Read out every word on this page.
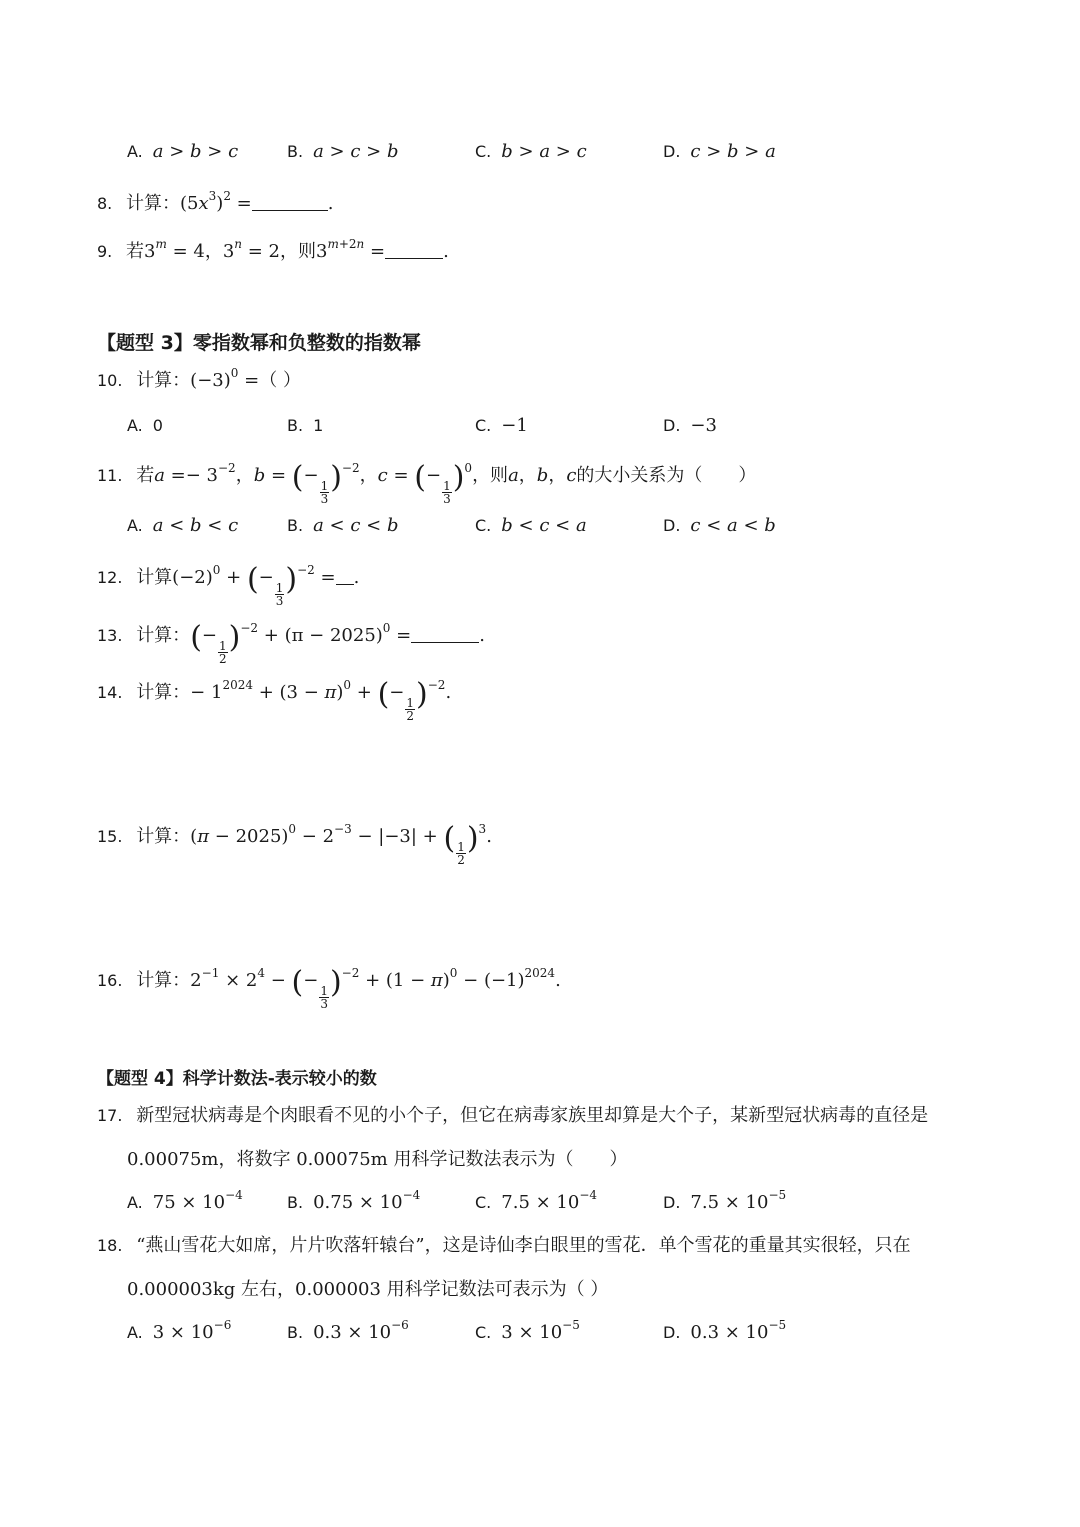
A. a > b > c	B. a > c > b	C. b > a > c	D. c > b > a
8. 计算：$(5x^3)^2$ =	.
9. 若$3^m = 4$，$3^n = 2$，则$3^{m+2n}$ =	.
【题型 3】零指数幂和负整数的指数幂
10. 计算：$(-3)^0$ =（ ）
A. 0	B. 1	C. −1	D. −3
11. 若$a =- 3^{-2}$，b = (−
$\frac{1}{3} )^{-2}$，c = (−
$\frac{1}{3} )^0$，则a，b，c的大小关系为（　　）
A. a < b < c	B. a < c < b	C. b < c < a	D. c < a < b
12. 计算$(-2)^0$ + (−
$\frac{1}{3} )^{-2}$ = .
13. 计算：(−
$\frac{1}{2} )^{-2} + (\pi - 2025)^0$ =	.
14. 计算：− $1^{2024} + (3 - \pi)^0$ + (−
$\frac{1}{2} )^{-2}$.
15. 计算：$(\pi - 2025)^0 - 2^{-3} - |-3|$ + ( $\frac{1}{2} )^3$.
16. 计算：$2^{-1} \times 2^4$ − (−
$\frac{1}{3} )^{-2} + (1 - \pi)^0 - (-1)^{2024}$.
【题型 4】科学计数法-表示较小的数
17. 新型冠状病毒是个肉眼看不见的小个子，但它在病毒家族里却算是大个子，某新型冠状病毒的直径是
0.00075m，将数字 0.00075m 用科学记数法表示为（　　）
A. $75 \times 10^{-4}$	B. $0.75 \times 10^{-4}$	C. $7.5 \times 10^{-4}$	D. $7.5 \times 10^{-5}$
18. “燕山雪花大如席，片片吹落轩辕台”，这是诗仙李白眼里的雪花．单个雪花的重量其实很轻，只在
0.000003kg 左右，0.000003 用科学记数法可表示为（ ）
A. $3 \times 10^{-6}$	B. $0.3 \times 10^{-6}$	C. $3 \times 10^{-5}$	D. $0.3 \times 10^{-5}$
